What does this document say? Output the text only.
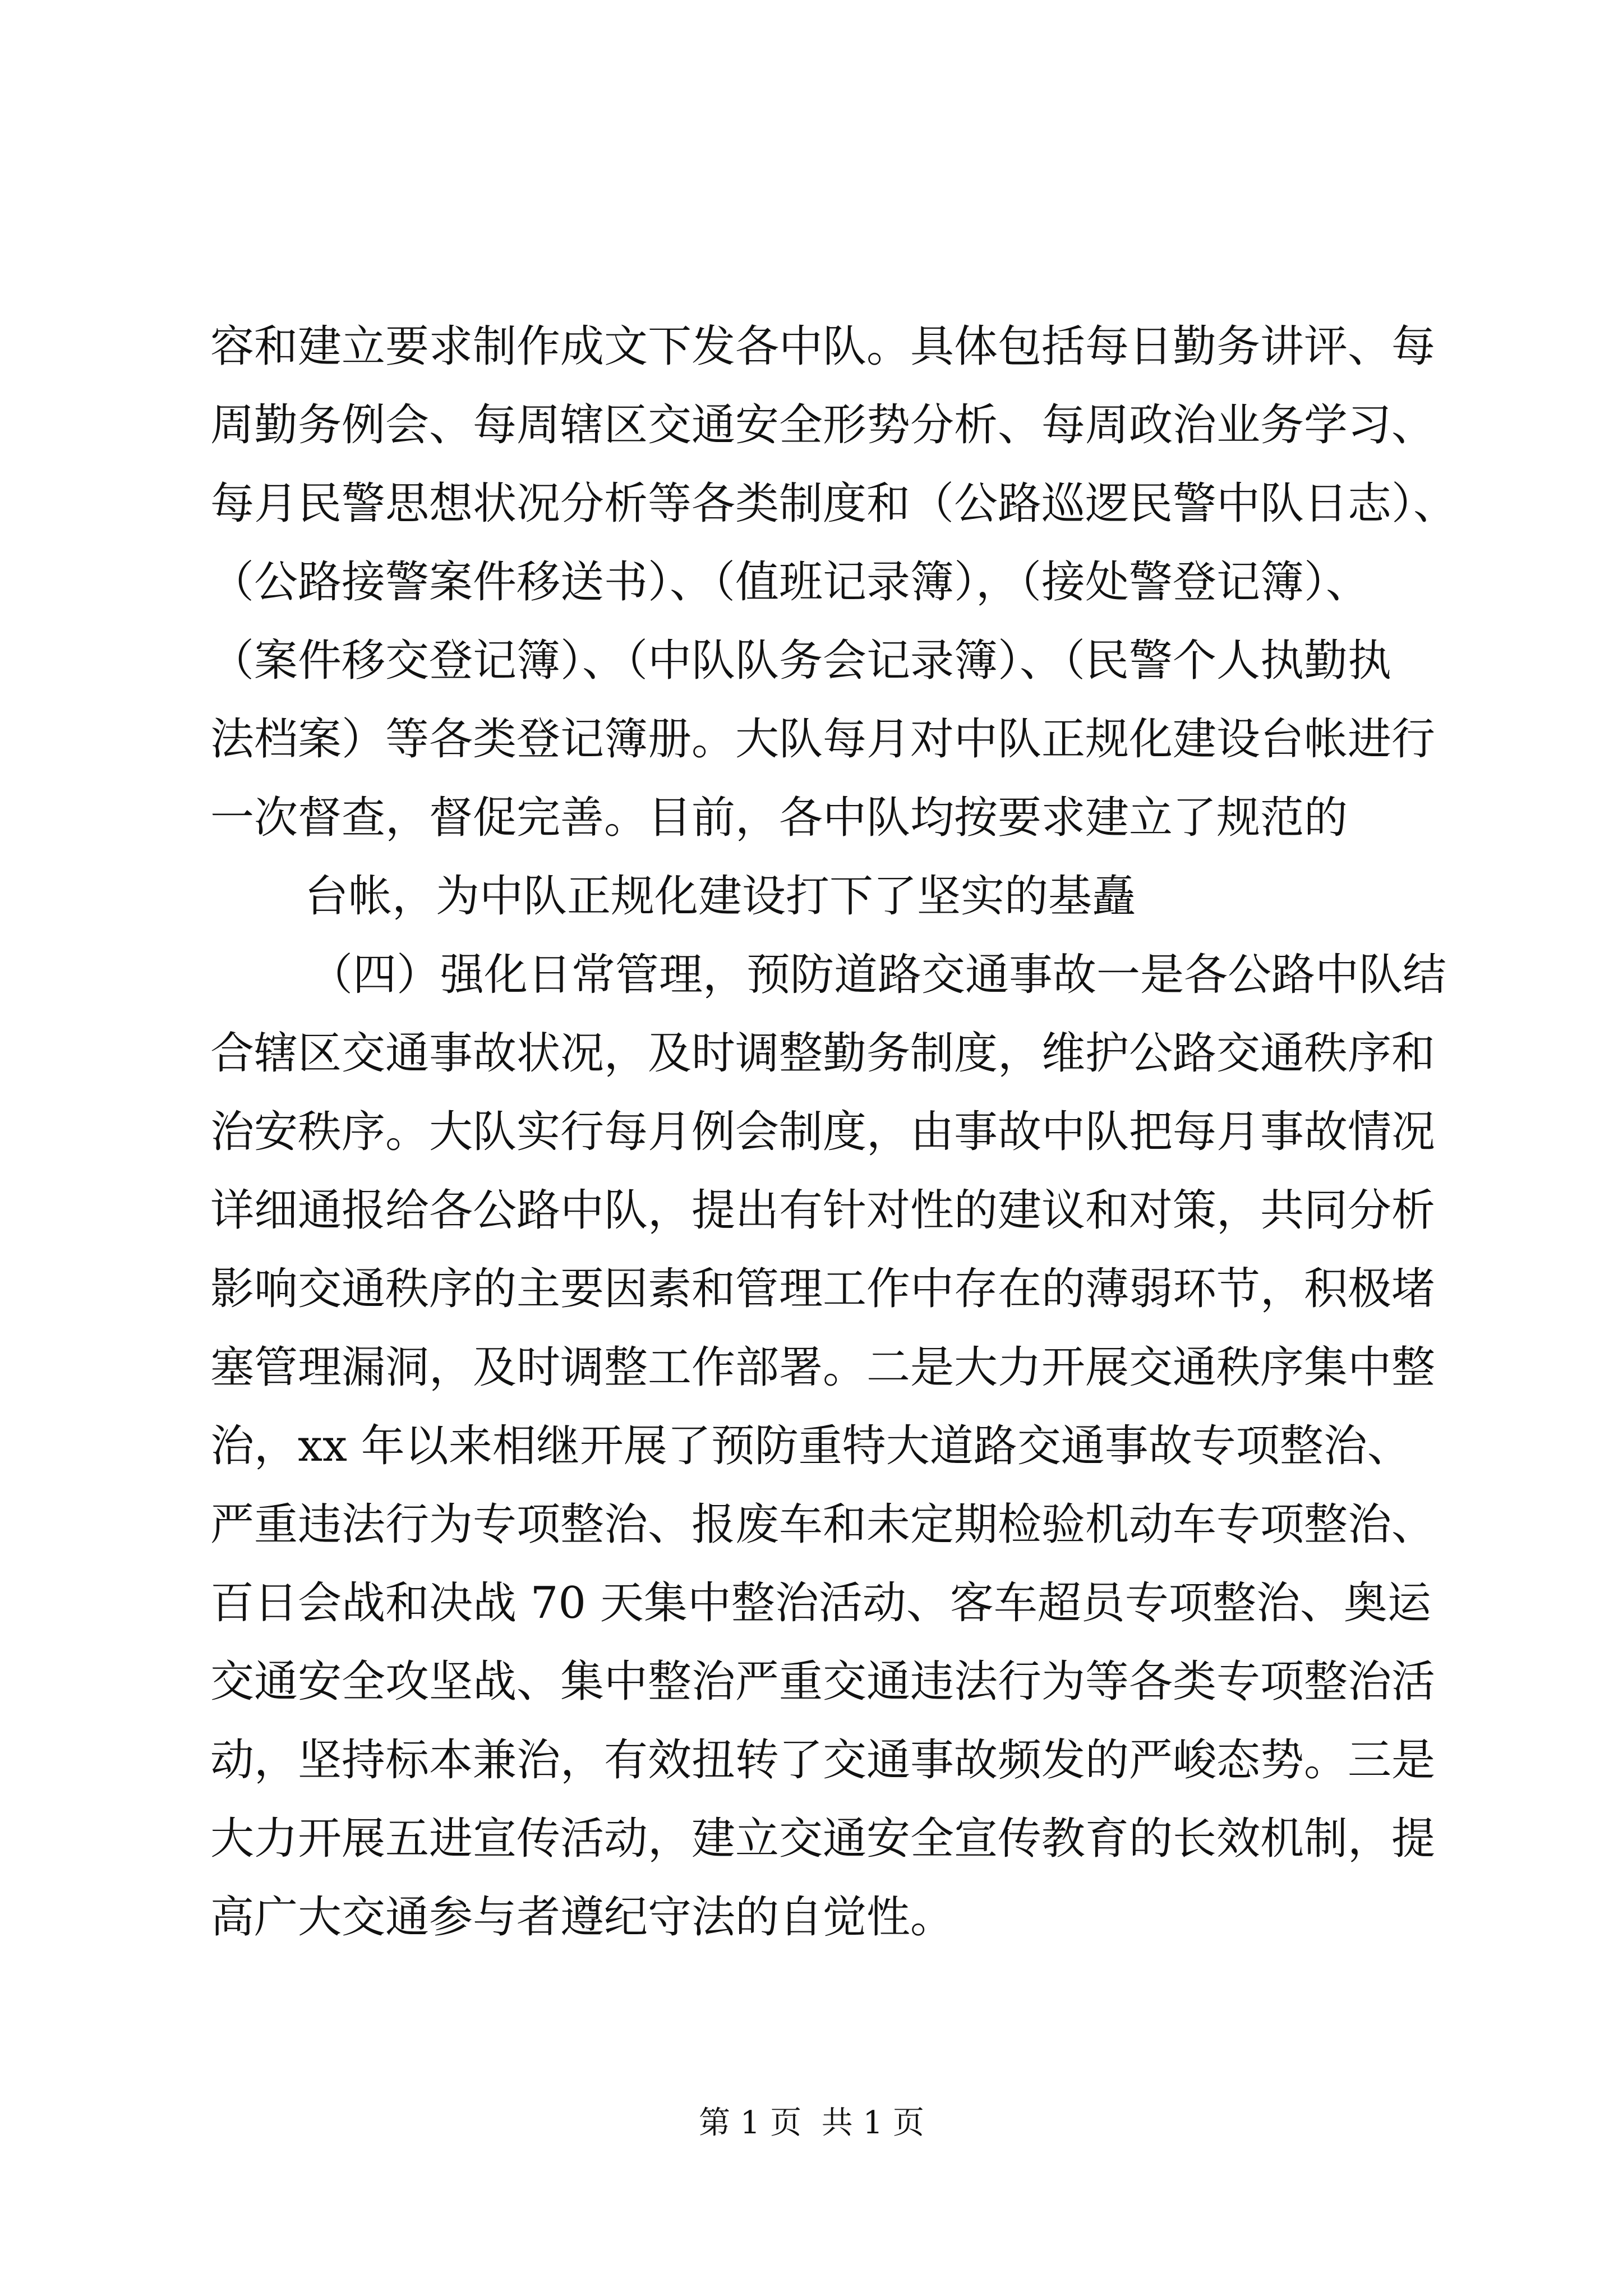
容和建立要求制作成文下发各中队。具体包括每日勤务讲评、每
周勤务例会、每周辖区交通安全形势分析、每周政治业务学习、
每月民警思想状况分析等各类制度和（公路巡逻民警中队日志）、
（公路接警案件移送书）、（值班记录簿），（接处警登记簿）、
（案件移交登记簿）、（中队队务会记录簿）、（民警个人执勤执
法档案）等各类登记簿册。大队每月对中队正规化建设台帐进行
一次督查，督促完善。目前，各中队均按要求建立了规范的
台帐，为中队正规化建设打下了坚实的基矗
（四）强化日常管理，预防道路交通事故一是各公路中队结
合辖区交通事故状况，及时调整勤务制度，维护公路交通秩序和
治安秩序。大队实行每月例会制度，由事故中队把每月事故情况
详细通报给各公路中队，提出有针对性的建议和对策，共同分析
影响交通秩序的主要因素和管理工作中存在的薄弱环节，积极堵
塞管理漏洞，及时调整工作部署。二是大力开展交通秩序集中整
治，xx 年以来相继开展了预防重特大道路交通事故专项整治、
严重违法行为专项整治、报废车和未定期检验机动车专项整治、
百日会战和决战 70 天集中整治活动、客车超员专项整治、奥运
交通安全攻坚战、集中整治严重交通违法行为等各类专项整治活
动，坚持标本兼治，有效扭转了交通事故频发的严峻态势。三是
大力开展五进宣传活动，建立交通安全宣传教育的长效机制，提
高广大交通参与者遵纪守法的自觉性。
第 1 页  共 1 页
